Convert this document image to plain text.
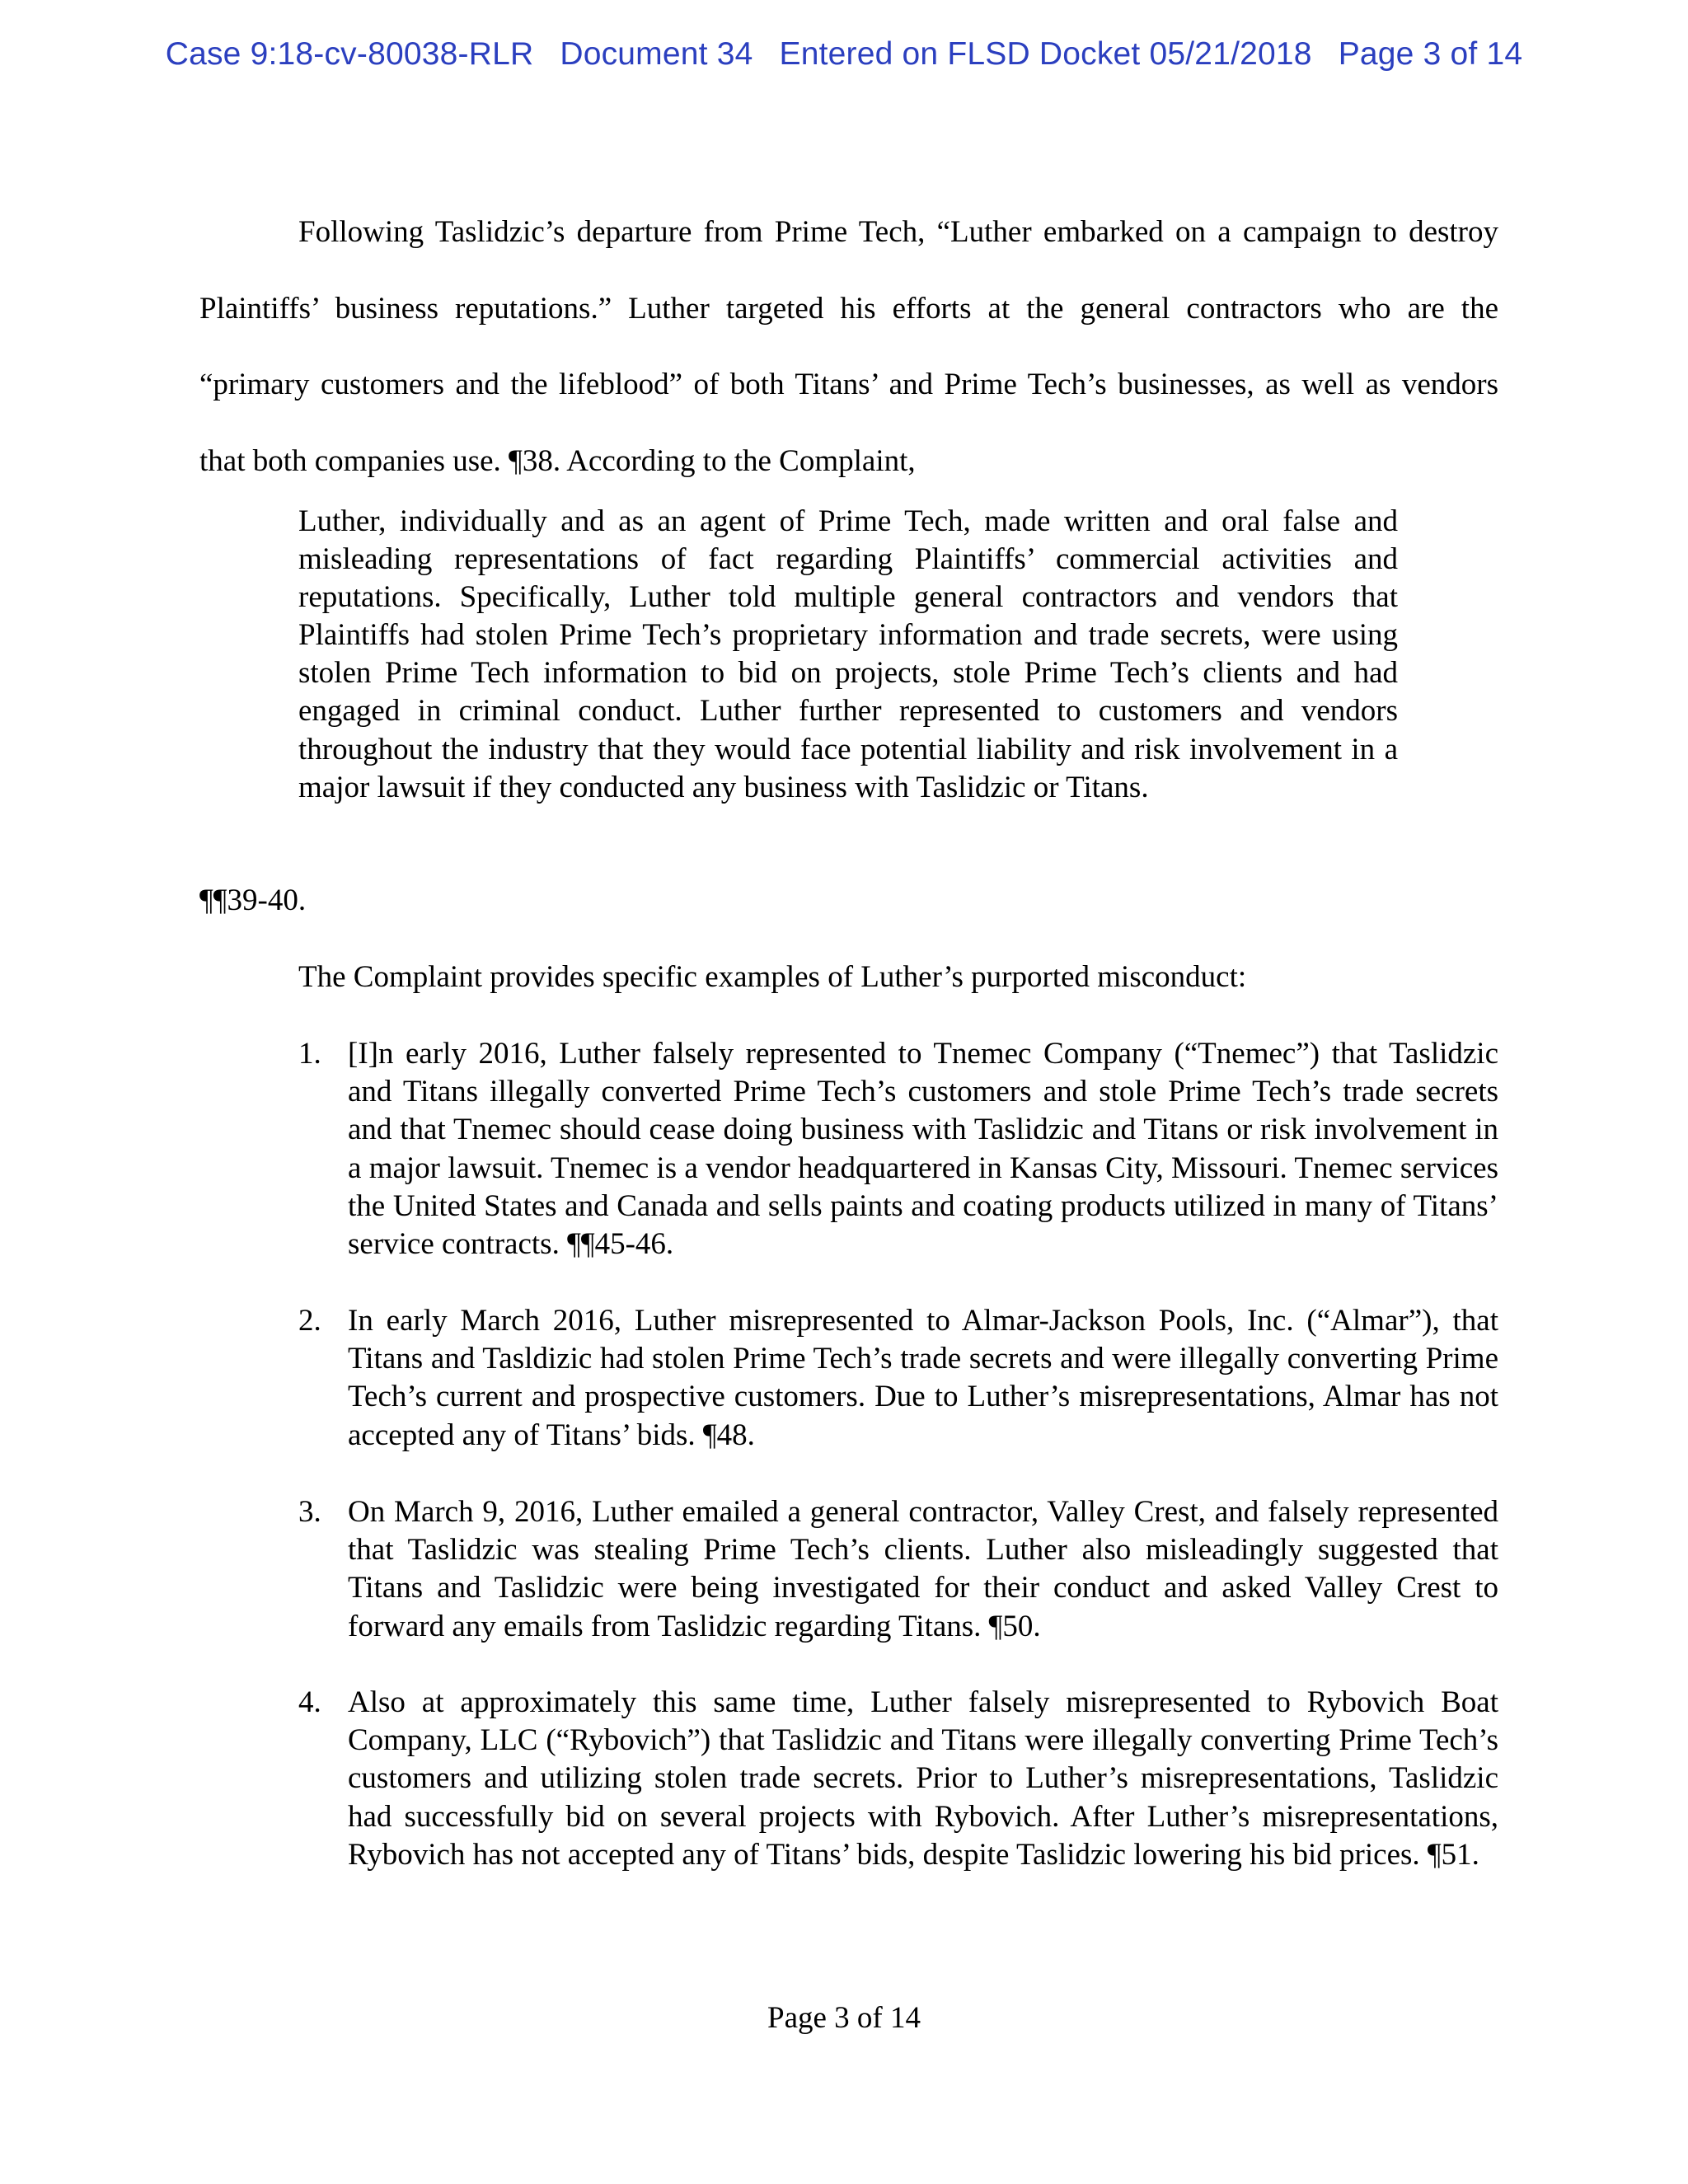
Case 9:18-cv-80038-RLR Document 34 Entered on FLSD Docket 05/21/2018 Page 3 of 14

Following Taslidzic’s departure from Prime Tech, “Luther embarked on a campaign to destroy Plaintiffs’ business reputations.” Luther targeted his efforts at the general contractors who are the “primary customers and the lifeblood” of both Titans’ and Prime Tech’s businesses, as well as vendors that both companies use. ¶38. According to the Complaint,

Luther, individually and as an agent of Prime Tech, made written and oral false and misleading representations of fact regarding Plaintiffs’ commercial activities and reputations. Specifically, Luther told multiple general contractors and vendors that Plaintiffs had stolen Prime Tech’s proprietary information and trade secrets, were using stolen Prime Tech information to bid on projects, stole Prime Tech’s clients and had engaged in criminal conduct. Luther further represented to customers and vendors throughout the industry that they would face potential liability and risk involvement in a major lawsuit if they conducted any business with Taslidzic or Titans.

¶¶39-40.

The Complaint provides specific examples of Luther’s purported misconduct:

1. [I]n early 2016, Luther falsely represented to Tnemec Company (“Tnemec”) that Taslidzic and Titans illegally converted Prime Tech’s customers and stole Prime Tech’s trade secrets and that Tnemec should cease doing business with Taslidzic and Titans or risk involvement in a major lawsuit. Tnemec is a vendor headquartered in Kansas City, Missouri. Tnemec services the United States and Canada and sells paints and coating products utilized in many of Titans’ service contracts. ¶¶45-46.

2. In early March 2016, Luther misrepresented to Almar-Jackson Pools, Inc. (“Almar”), that Titans and Tasldizic had stolen Prime Tech’s trade secrets and were illegally converting Prime Tech’s current and prospective customers. Due to Luther’s misrepresentations, Almar has not accepted any of Titans’ bids. ¶48.

3. On March 9, 2016, Luther emailed a general contractor, Valley Crest, and falsely represented that Taslidzic was stealing Prime Tech’s clients. Luther also misleadingly suggested that Titans and Taslidzic were being investigated for their conduct and asked Valley Crest to forward any emails from Taslidzic regarding Titans. ¶50.

4. Also at approximately this same time, Luther falsely misrepresented to Rybovich Boat Company, LLC (“Rybovich”) that Taslidzic and Titans were illegally converting Prime Tech’s customers and utilizing stolen trade secrets. Prior to Luther’s misrepresentations, Taslidzic had successfully bid on several projects with Rybovich. After Luther’s misrepresentations, Rybovich has not accepted any of Titans’ bids, despite Taslidzic lowering his bid prices. ¶51.

Page 3 of 14
